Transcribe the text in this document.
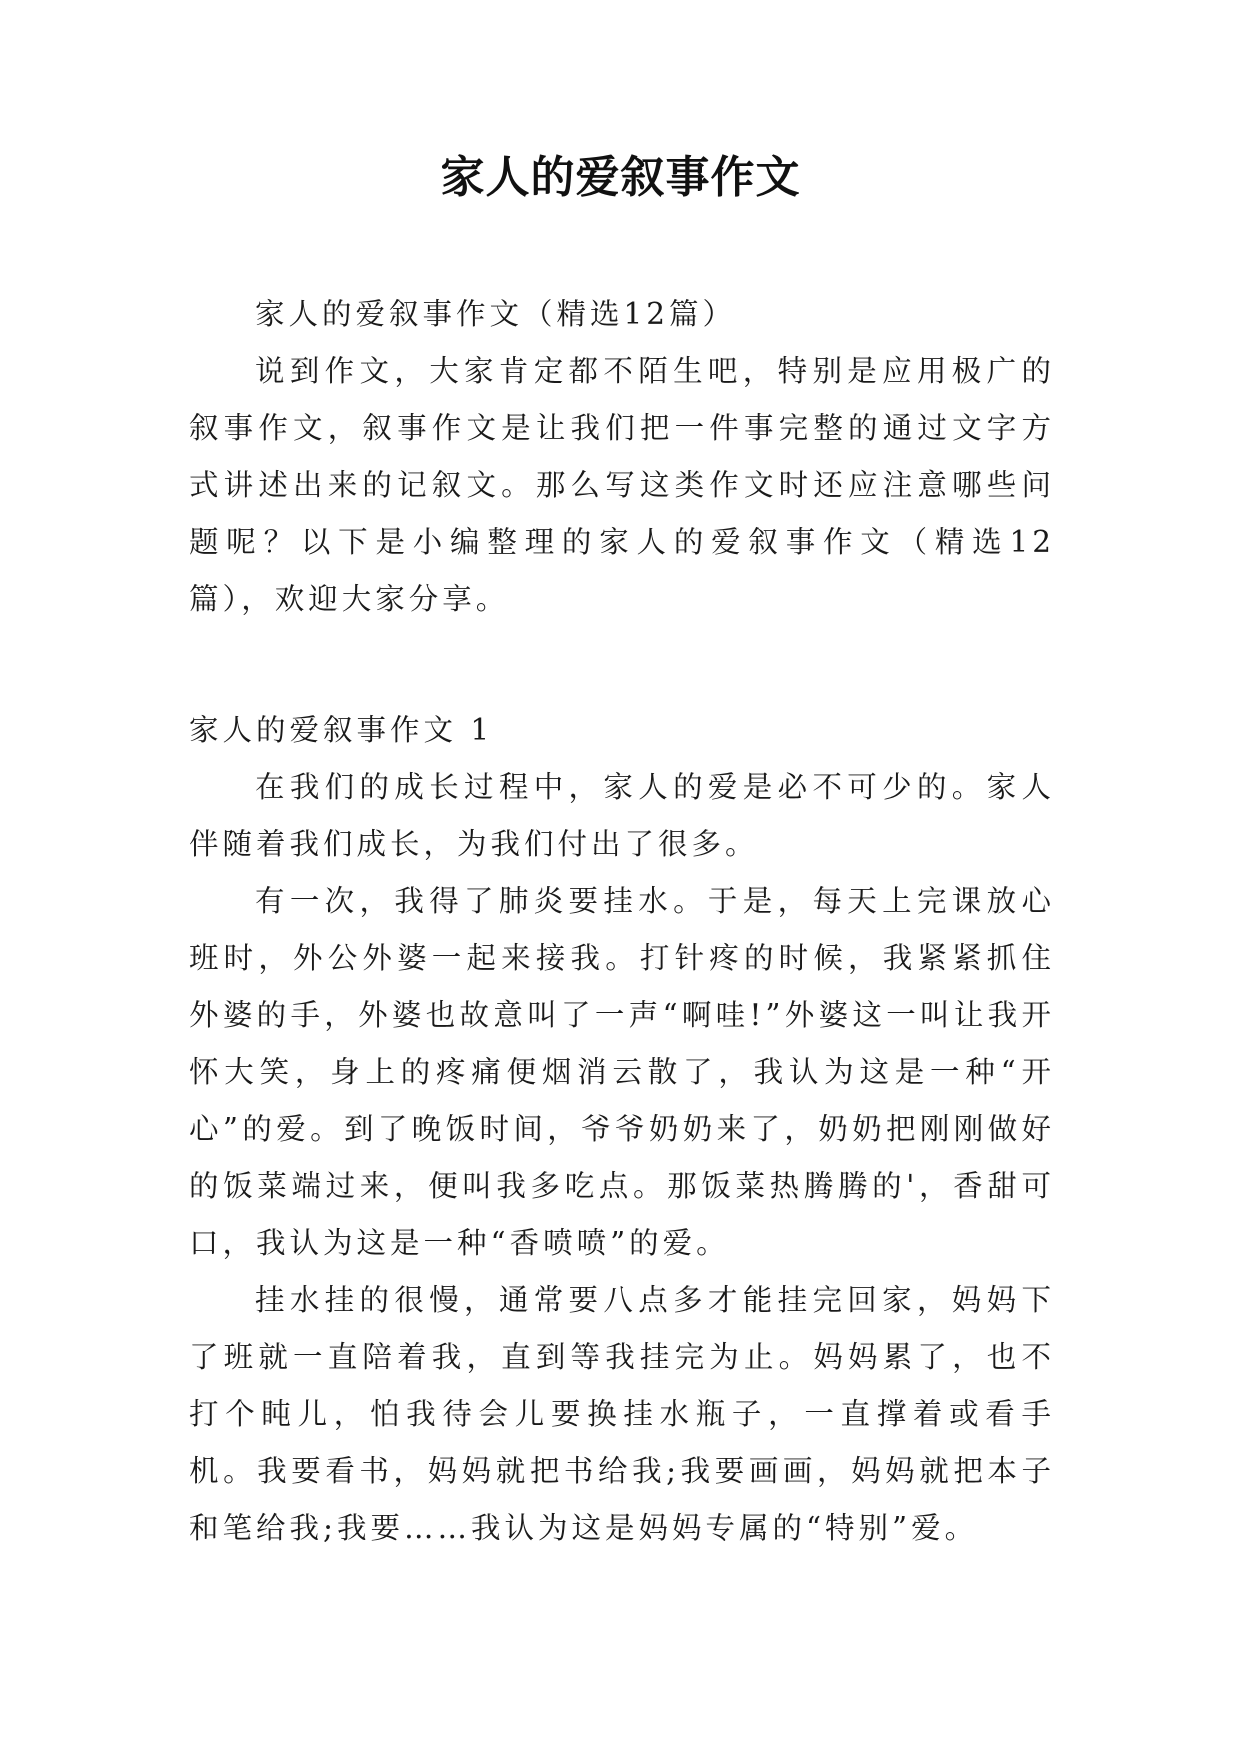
家人的爱叙事作文

家人的爱叙事作文（精选12篇）

说到作文，大家肯定都不陌生吧，特别是应用极广的叙事作文，叙事作文是让我们把一件事完整的通过文字方式讲述出来的记叙文。那么写这类作文时还应注意哪些问题呢？以下是小编整理的家人的爱叙事作文（精选12篇），欢迎大家分享。

家人的爱叙事作文 1

在我们的成长过程中，家人的爱是必不可少的。家人伴随着我们成长，为我们付出了很多。

有一次，我得了肺炎要挂水。于是，每天上完课放心班时，外公外婆一起来接我。打针疼的时候，我紧紧抓住外婆的手，外婆也故意叫了一声“啊哇!”外婆这一叫让我开怀大笑，身上的疼痛便烟消云散了，我认为这是一种“开心”的爱。到了晚饭时间，爷爷奶奶来了，奶奶把刚刚做好的饭菜端过来，便叫我多吃点。那饭菜热腾腾的'，香甜可口，我认为这是一种“香喷喷”的爱。

挂水挂的很慢，通常要八点多才能挂完回家，妈妈下了班就一直陪着我，直到等我挂完为止。妈妈累了，也不打个盹儿，怕我待会儿要换挂水瓶子，一直撑着或看手机。我要看书，妈妈就把书给我;我要画画，妈妈就把本子和笔给我;我要……我认为这是妈妈专属的“特别”爱。
